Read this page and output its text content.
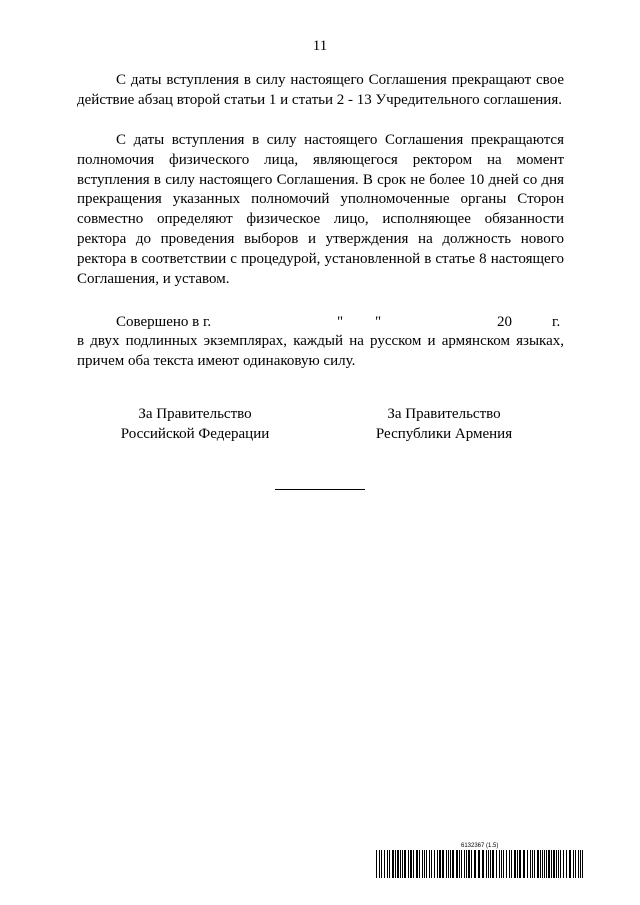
11

С даты вступления в силу настоящего Соглашения прекращают свое действие абзац второй статьи 1 и статьи 2 - 13 Учредительного соглашения.

С даты вступления в силу настоящего Соглашения прекращаются полномочия физического лица, являющегося ректором на момент вступления в силу настоящего Соглашения. В срок не более 10 дней со дня прекращения указанных полномочий уполномоченные органы Сторон совместно определяют физическое лицо, исполняющее обязанности ректора до проведения выборов и утверждения на должность нового ректора в соответствии с процедурой, установленной в статье 8 настоящего Соглашения, и уставом.

Совершено в г.	" "	20	г.

в двух подлинных экземплярах, каждый на русском и армянском языках, причем оба текста имеют одинаковую силу.

За Правительство
Российской Федерации
За Правительство
Республики Армения
6132367 (1.5)
